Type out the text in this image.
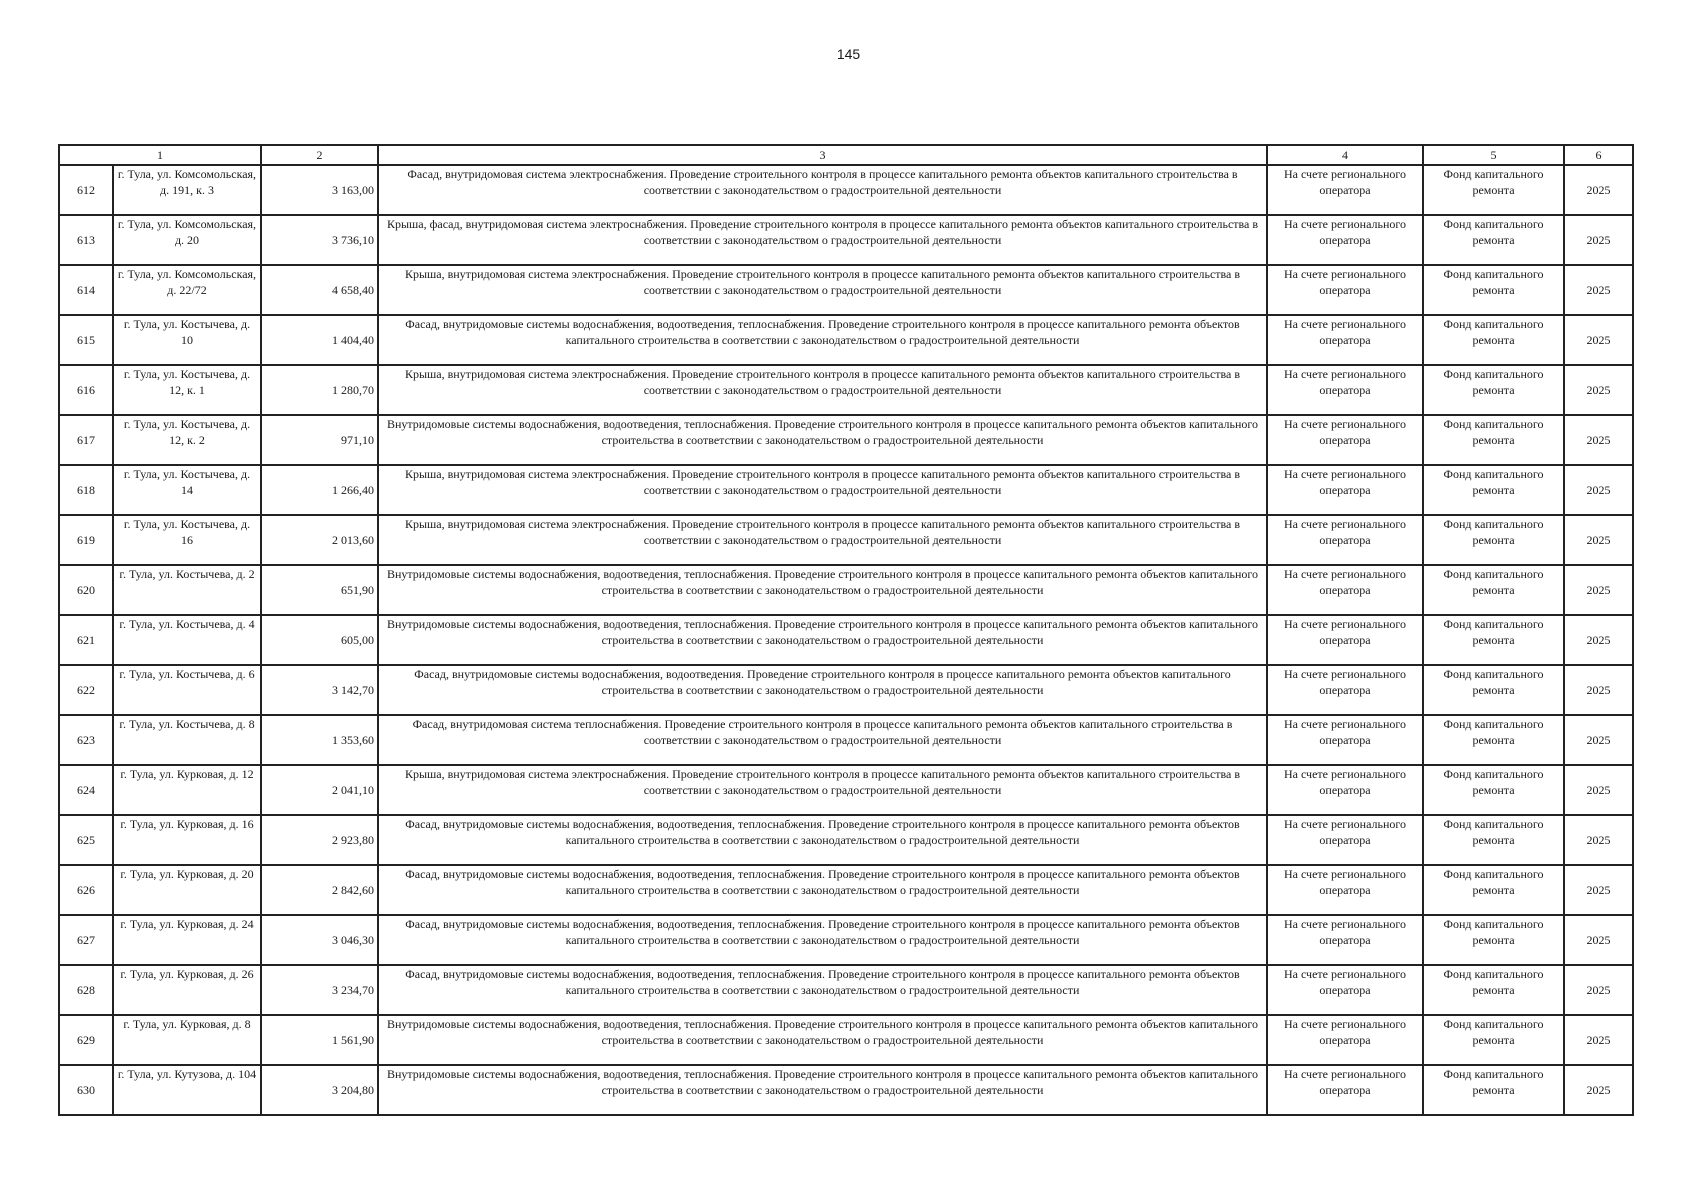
145
1		2	3	4	5	6
612	г. Тула, ул. Комсомольская, д. 191, к. 3	3 163,00	Фасад, внутридомовая система электроснабжения. Проведение строительного контроля в процессе капитального ремонта объектов капитального строительства в соответствии с законодательством о градостроительной деятельности	На счете регионального оператора	Фонд капитального ремонта	2025
613	г. Тула, ул. Комсомольская, д. 20	3 736,10	Крыша, фасад, внутридомовая система электроснабжения. Проведение строительного контроля в процессе капитального ремонта объектов капитального строительства в соответствии с законодательством о градостроительной деятельности	На счете регионального оператора	Фонд капитального ремонта	2025
614	г. Тула, ул. Комсомольская, д. 22/72	4 658,40	Крыша, внутридомовая система электроснабжения. Проведение строительного контроля в процессе капитального ремонта объектов капитального строительства в соответствии с законодательством о градостроительной деятельности	На счете регионального оператора	Фонд капитального ремонта	2025
615	г. Тула, ул. Костычева, д. 10	1 404,40	Фасад, внутридомовые системы водоснабжения, водоотведения, теплоснабжения. Проведение строительного контроля в процессе капитального ремонта объектов капитального строительства в соответствии с законодательством о градостроительной деятельности	На счете регионального оператора	Фонд капитального ремонта	2025
616	г. Тула, ул. Костычева, д. 12, к. 1	1 280,70	Крыша, внутридомовая система электроснабжения. Проведение строительного контроля в процессе капитального ремонта объектов капитального строительства в соответствии с законодательством о градостроительной деятельности	На счете регионального оператора	Фонд капитального ремонта	2025
617	г. Тула, ул. Костычева, д. 12, к. 2	971,10	Внутридомовые системы водоснабжения, водоотведения, теплоснабжения. Проведение строительного контроля в процессе капитального ремонта объектов капитального строительства в соответствии с законодательством о градостроительной деятельности	На счете регионального оператора	Фонд капитального ремонта	2025
618	г. Тула, ул. Костычева, д. 14	1 266,40	Крыша, внутридомовая система электроснабжения. Проведение строительного контроля в процессе капитального ремонта объектов капитального строительства в соответствии с законодательством о градостроительной деятельности	На счете регионального оператора	Фонд капитального ремонта	2025
619	г. Тула, ул. Костычева, д. 16	2 013,60	Крыша, внутридомовая система электроснабжения. Проведение строительного контроля в процессе капитального ремонта объектов капитального строительства в соответствии с законодательством о градостроительной деятельности	На счете регионального оператора	Фонд капитального ремонта	2025
620	г. Тула, ул. Костычева, д. 2	651,90	Внутридомовые системы водоснабжения, водоотведения, теплоснабжения. Проведение строительного контроля в процессе капитального ремонта объектов капитального строительства в соответствии с законодательством о градостроительной деятельности	На счете регионального оператора	Фонд капитального ремонта	2025
621	г. Тула, ул. Костычева, д. 4	605,00	Внутридомовые системы водоснабжения, водоотведения, теплоснабжения. Проведение строительного контроля в процессе капитального ремонта объектов капитального строительства в соответствии с законодательством о градостроительной деятельности	На счете регионального оператора	Фонд капитального ремонта	2025
622	г. Тула, ул. Костычева, д. 6	3 142,70	Фасад, внутридомовые системы водоснабжения, водоотведения. Проведение строительного контроля в процессе капитального ремонта объектов капитального строительства в соответствии с законодательством о градостроительной деятельности	На счете регионального оператора	Фонд капитального ремонта	2025
623	г. Тула, ул. Костычева, д. 8	1 353,60	Фасад, внутридомовая система теплоснабжения. Проведение строительного контроля в процессе капитального ремонта объектов капитального строительства в соответствии с законодательством о градостроительной деятельности	На счете регионального оператора	Фонд капитального ремонта	2025
624	г. Тула, ул. Курковая, д. 12	2 041,10	Крыша, внутридомовая система электроснабжения. Проведение строительного контроля в процессе капитального ремонта объектов капитального строительства в соответствии с законодательством о градостроительной деятельности	На счете регионального оператора	Фонд капитального ремонта	2025
625	г. Тула, ул. Курковая, д. 16	2 923,80	Фасад, внутридомовые системы водоснабжения, водоотведения, теплоснабжения. Проведение строительного контроля в процессе капитального ремонта объектов капитального строительства в соответствии с законодательством о градостроительной деятельности	На счете регионального оператора	Фонд капитального ремонта	2025
626	г. Тула, ул. Курковая, д. 20	2 842,60	Фасад, внутридомовые системы водоснабжения, водоотведения, теплоснабжения. Проведение строительного контроля в процессе капитального ремонта объектов капитального строительства в соответствии с законодательством о градостроительной деятельности	На счете регионального оператора	Фонд капитального ремонта	2025
627	г. Тула, ул. Курковая, д. 24	3 046,30	Фасад, внутридомовые системы водоснабжения, водоотведения, теплоснабжения. Проведение строительного контроля в процессе капитального ремонта объектов капитального строительства в соответствии с законодательством о градостроительной деятельности	На счете регионального оператора	Фонд капитального ремонта	2025
628	г. Тула, ул. Курковая, д. 26	3 234,70	Фасад, внутридомовые системы водоснабжения, водоотведения, теплоснабжения. Проведение строительного контроля в процессе капитального ремонта объектов капитального строительства в соответствии с законодательством о градостроительной деятельности	На счете регионального оператора	Фонд капитального ремонта	2025
629	г. Тула, ул. Курковая, д. 8	1 561,90	Внутридомовые системы водоснабжения, водоотведения, теплоснабжения. Проведение строительного контроля в процессе капитального ремонта объектов капитального строительства в соответствии с законодательством о градостроительной деятельности	На счете регионального оператора	Фонд капитального ремонта	2025
630	г. Тула, ул. Кутузова, д. 104	3 204,80	Внутридомовые системы водоснабжения, водоотведения, теплоснабжения. Проведение строительного контроля в процессе капитального ремонта объектов капитального строительства в соответствии с законодательством о градостроительной деятельности	На счете регионального оператора	Фонд капитального ремонта	2025
